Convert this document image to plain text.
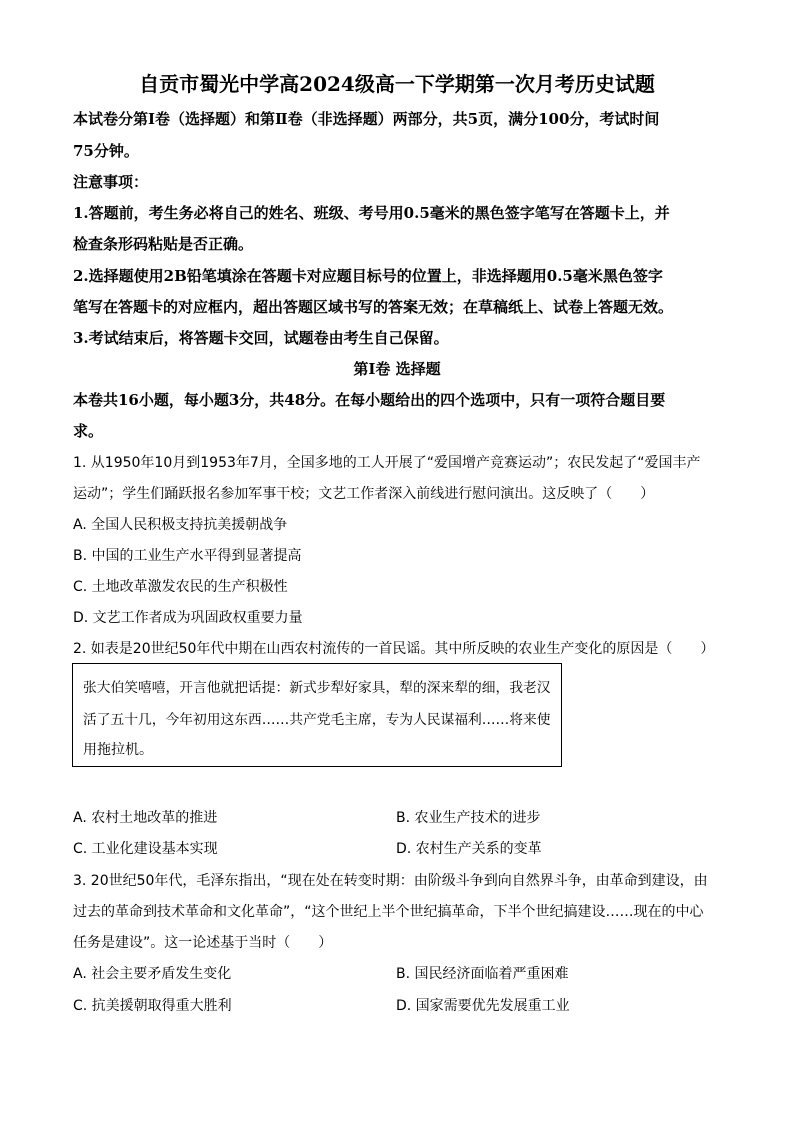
自贡市蜀光中学高2024级高一下学期第一次月考历史试题
本试卷分第Ⅰ卷（选择题）和第Ⅱ卷（非选择题）两部分，共5页，满分100分，考试时间
75分钟。
注意事项：
1.答题前，考生务必将自己的姓名、班级、考号用0.5毫米的黑色签字笔写在答题卡上，并
检查条形码粘贴是否正确。
2.选择题使用2B铅笔填涂在答题卡对应题目标号的位置上，非选择题用0.5毫米黑色签字
笔写在答题卡的对应框内，超出答题区域书写的答案无效；在草稿纸上、试卷上答题无效。
3.考试结束后，将答题卡交回，试题卷由考生自己保留。
第Ⅰ卷 选择题
本卷共16小题，每小题3分，共48分。在每小题给出的四个选项中，只有一项符合题目要
求。
1. 从1950年10月到1953年7月，全国多地的工人开展了“爱国增产竞赛运动”；农民发起了“爱国丰产
运动”；学生们踊跃报名参加军事干校；文艺工作者深入前线进行慰问演出。这反映了（　　）
A. 全国人民积极支持抗美援朝战争
B. 中国的工业生产水平得到显著提高
C. 土地改革激发农民的生产积极性
D. 文艺工作者成为巩固政权重要力量
2. 如表是20世纪50年代中期在山西农村流传的一首民谣。其中所反映的农业生产变化的原因是（　　）
张大伯笑嘻嘻，开言他就把话提：新式步犁好家具，犁的深来犁的细，我老汉
活了五十几，今年初用这东西……共产党毛主席，专为人民谋福利……将来使
用拖拉机。
A. 农村土地改革的推进	B. 农业生产技术的进步
C. 工业化建设基本实现	D. 农村生产关系的变革
3. 20世纪50年代，毛泽东指出，“现在处在转变时期：由阶级斗争到向自然界斗争，由革命到建设，由
过去的革命到技术革命和文化革命”，“这个世纪上半个世纪搞革命，下半个世纪搞建设……现在的中心
任务是建设”。这一论述基于当时（　　）
A. 社会主要矛盾发生变化	B. 国民经济面临着严重困难
C. 抗美援朝取得重大胜利	D. 国家需要优先发展重工业
